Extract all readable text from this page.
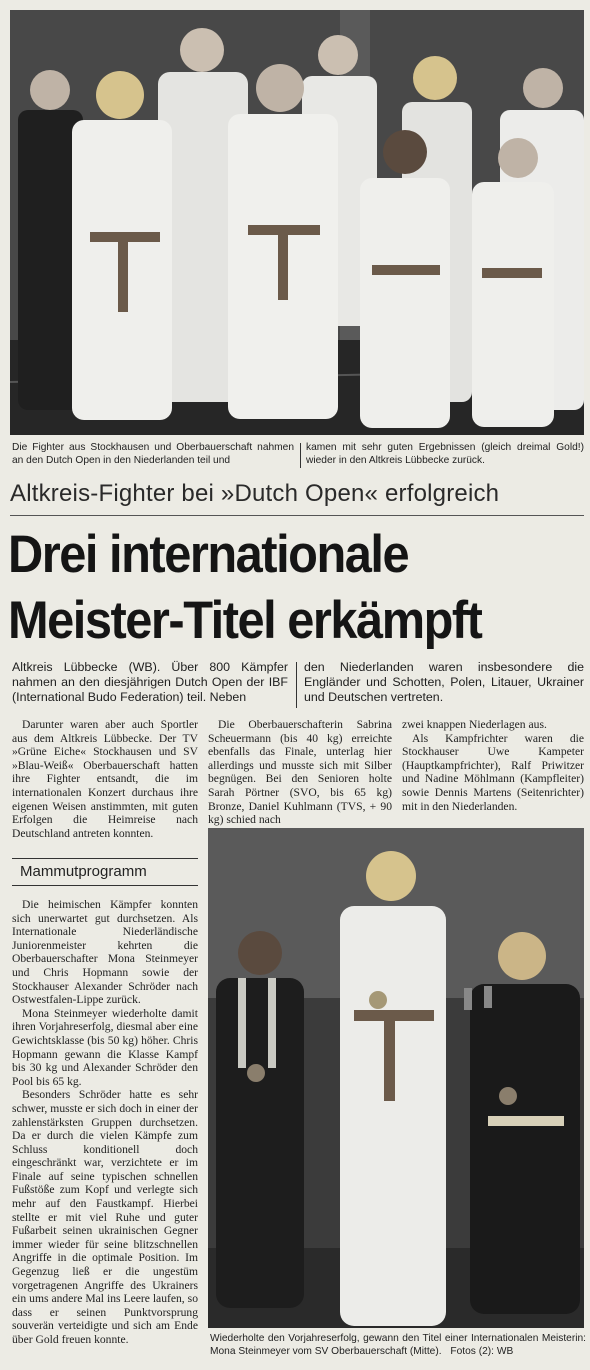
Die Fighter aus Stockhausen und Oberbauerschaft nahmen an den Dutch Open in den Niederlanden teil und
kamen mit sehr guten Ergebnissen (gleich dreimal Gold!) wieder in den Altkreis Lübbecke zurück.
Altkreis-Fighter bei »Dutch Open« erfolgreich
Drei internationale
Meister-Titel erkämpft
Altkreis Lübbecke (WB). Über 800 Kämpfer nahmen an den diesjährigen Dutch Open der IBF (International Budo Federation) teil. Neben
den Niederlanden waren insbesondere die Engländer und Schotten, Polen, Litauer, Ukrainer und Deutschen vertreten.

Darunter waren aber auch Sportler aus dem Altkreis Lübbecke. Der TV »Grüne Eiche« Stockhausen und SV »Blau-Weiß« Oberbauerschaft hatten ihre Fighter entsandt, die im internationalen Konzert durchaus ihre eigenen Weisen anstimmten, mit guten Erfolgen die Heimreise nach Deutschland antreten konnten.

Die Oberbauerschafterin Sabrina Scheuermann (bis 40 kg) erreichte ebenfalls das Finale, unterlag hier allerdings und musste sich mit Silber begnügen. Bei den Senioren holte Sarah Pörtner (SVO, bis 65 kg) Bronze, Daniel Kuhlmann (TVS, + 90 kg) schied nach

zwei knappen Niederlagen aus.

Als Kampfrichter waren die Stockhauser Uwe Kampeter (Hauptkampfrichter), Ralf Priwitzer und Nadine Möhlmann (Kampfleiter) sowie Dennis Martens (Seitenrichter) mit in den Niederlanden.

Mammutprogramm

Die heimischen Kämpfer konnten sich unerwartet gut durchsetzen. Als Internationale Niederländische Juniorenmeister kehrten die Oberbauerschafter Mona Steinmeyer und Chris Hopmann sowie der Stockhauser Alexander Schröder nach Ostwestfalen-Lippe zurück.

Mona Steinmeyer wiederholte damit ihren Vorjahreserfolg, diesmal aber eine Gewichtsklasse (bis 50 kg) höher. Chris Hopmann gewann die Klasse Kampf bis 30 kg und Alexander Schröder den Pool bis 65 kg.

Besonders Schröder hatte es sehr schwer, musste er sich doch in einer der zahlenstärksten Gruppen durchsetzen. Da er durch die vielen Kämpfe zum Schluss konditionell doch eingeschränkt war, verzichtete er im Finale auf seine typischen schnellen Fußstöße zum Kopf und verlegte sich mehr auf den Faustkampf. Hierbei stellte er mit viel Ruhe und guter Fußarbeit seinen ukrainischen Gegner immer wieder für seine blitzschnellen Angriffe in die optimale Position. Im Gegenzug ließ er die ungestüm vorgetragenen Angriffe des Ukrainers ein ums andere Mal ins Leere laufen, so dass er seinen Punktvorsprung souverän verteidigte und sich am Ende über Gold freuen konnte.	Wiederholte den Vorjahreserfolg, gewann den Titel einer Internationalen Meisterin: Mona Steinmeyer vom SV Oberbauerschaft (Mitte). Fotos (2): WB
